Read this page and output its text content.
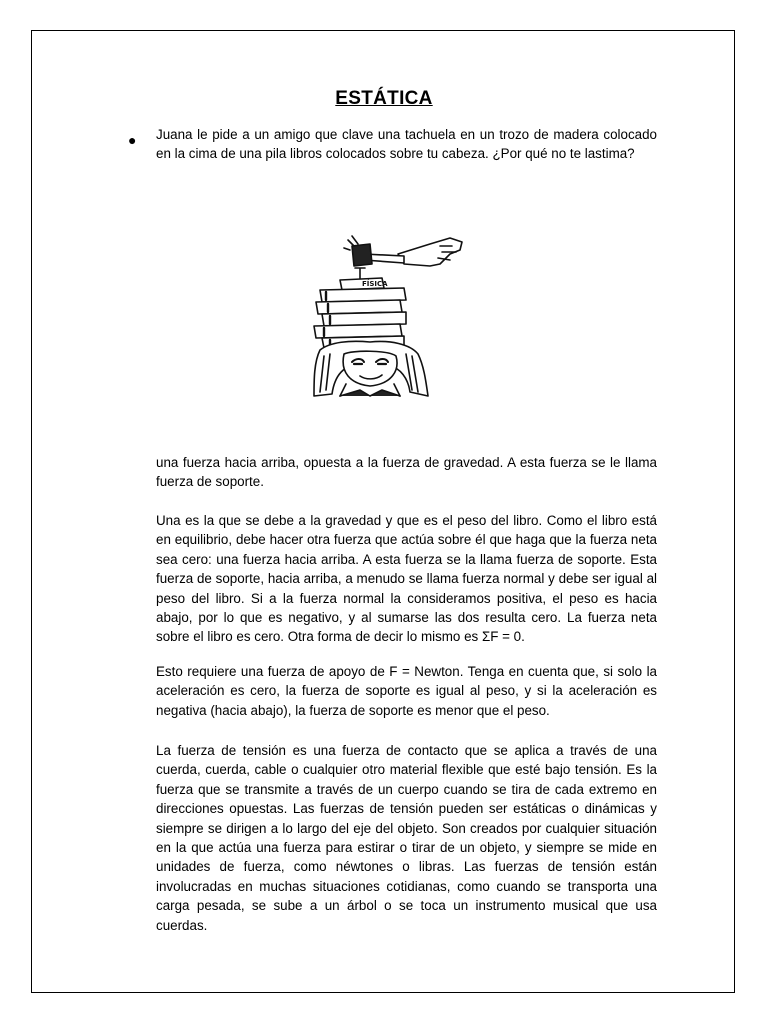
ESTÁTICA
● Juana le pide a un amigo que clave una tachuela en un trozo de madera colocado en la cima de una pila libros colocados sobre tu cabeza. ¿Por qué no te lastima?

FÍSICA

una fuerza hacia arriba, opuesta a la fuerza de gravedad. A esta fuerza se le llama fuerza de soporte.

Una es la que se debe a la gravedad y que es el peso del libro. Como el libro está en equilibrio, debe hacer otra fuerza que actúa sobre él que haga que la fuerza neta sea cero: una fuerza hacia arriba. A esta fuerza se la llama fuerza de soporte. Esta fuerza de soporte, hacia arriba, a menudo se llama fuerza normal y debe ser igual al peso del libro. Si a la fuerza normal la consideramos positiva, el peso es hacia abajo, por lo que es negativo, y al sumarse las dos resulta cero. La fuerza neta sobre el libro es cero. Otra forma de decir lo mismo es ΣF = 0.

Esto requiere una fuerza de apoyo de F = Newton. Tenga en cuenta que, si solo la aceleración es cero, la fuerza de soporte es igual al peso, y si la aceleración es negativa (hacia abajo), la fuerza de soporte es menor que el peso.

La fuerza de tensión es una fuerza de contacto que se aplica a través de una cuerda, cuerda, cable o cualquier otro material flexible que esté bajo tensión. Es la fuerza que se transmite a través de un cuerpo cuando se tira de cada extremo en direcciones opuestas. Las fuerzas de tensión pueden ser estáticas o dinámicas y siempre se dirigen a lo largo del eje del objeto. Son creados por cualquier situación en la que actúa una fuerza para estirar o tirar de un objeto, y siempre se mide en unidades de fuerza, como néwtones o libras. Las fuerzas de tensión están involucradas en muchas situaciones cotidianas, como cuando se transporta una carga pesada, se sube a un árbol o se toca un instrumento musical que usa cuerdas.
